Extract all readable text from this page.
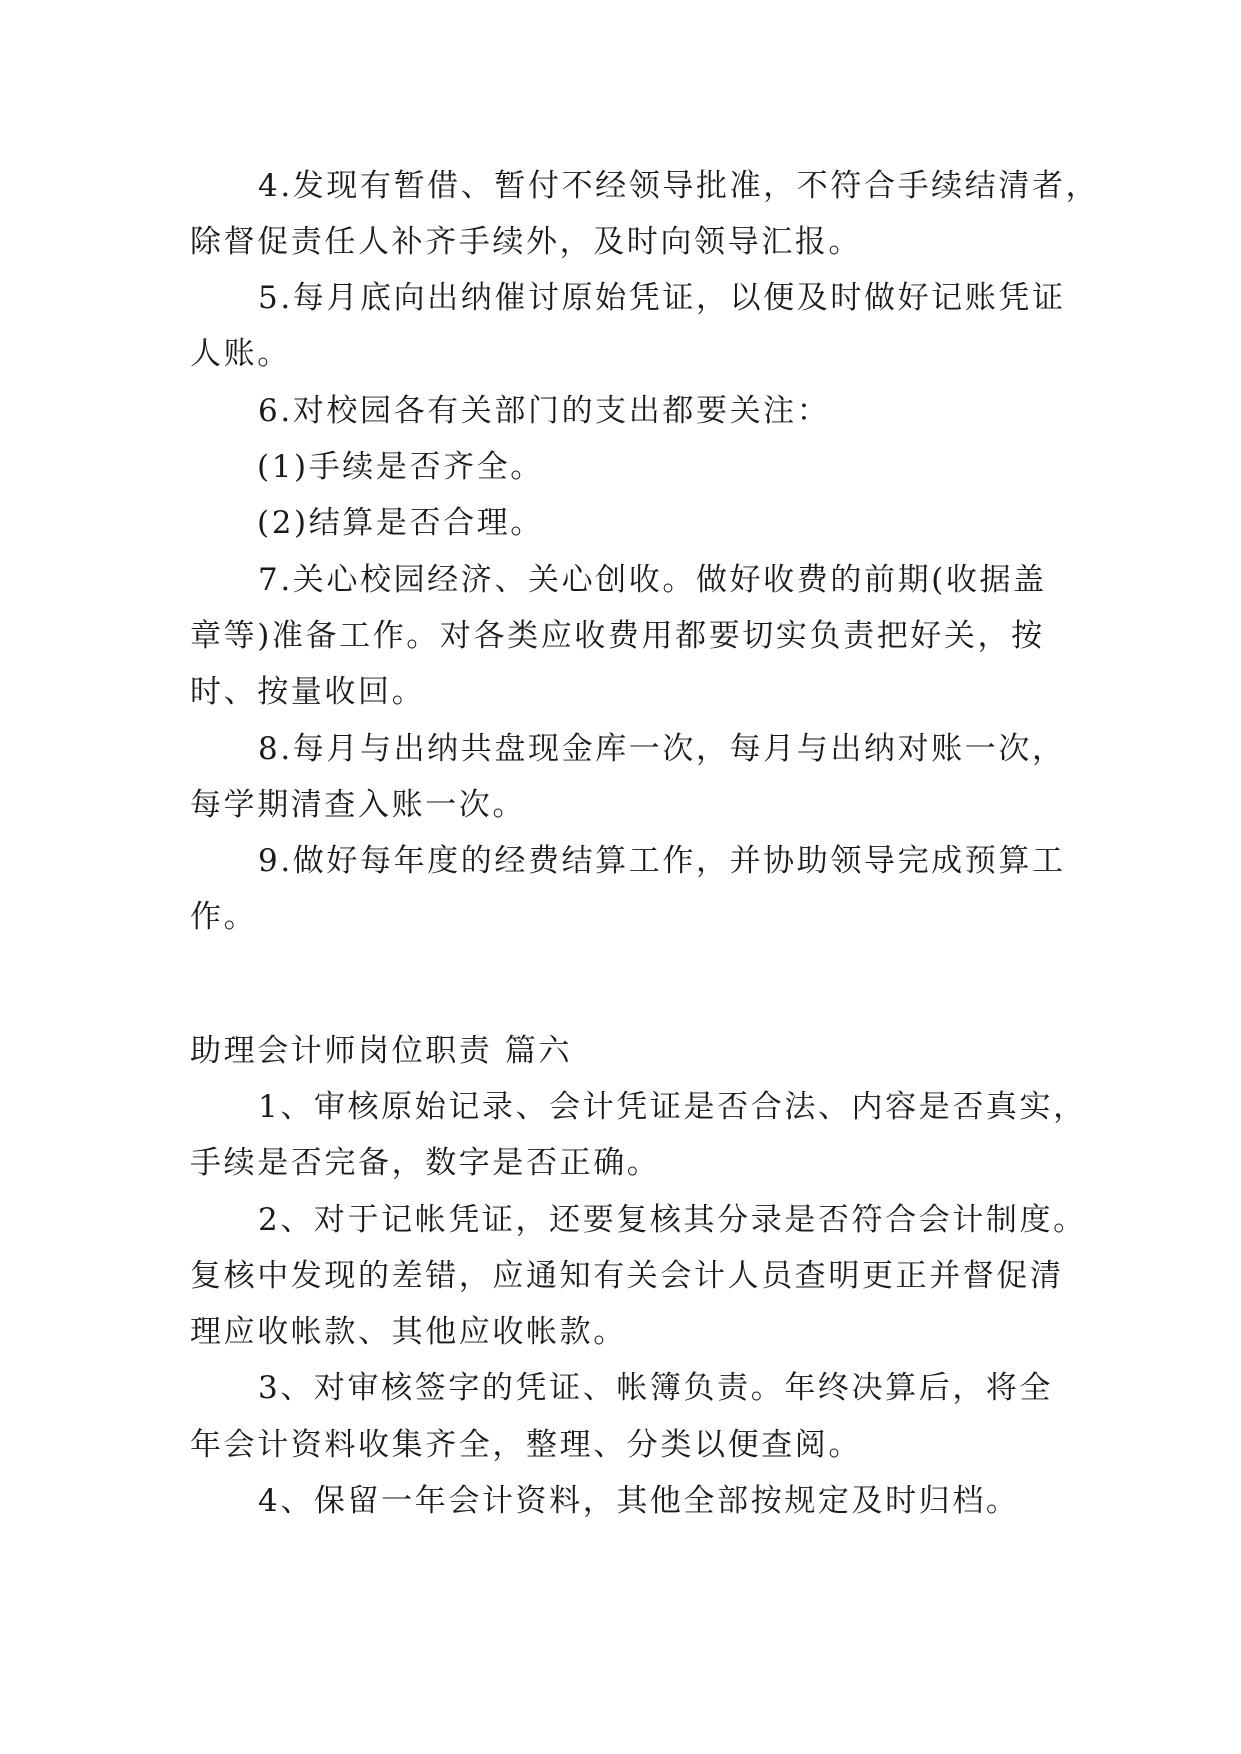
4.发现有暂借、暂付不经领导批准，不符合手续结清者，
除督促责任人补齐手续外，及时向领导汇报。
5.每月底向出纳催讨原始凭证，以便及时做好记账凭证
人账。
6.对校园各有关部门的支出都要关注：
(1)手续是否齐全。
(2)结算是否合理。
7.关心校园经济、关心创收。做好收费的前期(收据盖
章等)准备工作。对各类应收费用都要切实负责把好关，按
时、按量收回。
8.每月与出纳共盘现金库一次，每月与出纳对账一次，
每学期清查入账一次。
9.做好每年度的经费结算工作，并协助领导完成预算工
作。
助理会计师岗位职责 篇六
1、审核原始记录、会计凭证是否合法、内容是否真实，
手续是否完备，数字是否正确。
2、对于记帐凭证，还要复核其分录是否符合会计制度。
复核中发现的差错，应通知有关会计人员查明更正并督促清
理应收帐款、其他应收帐款。
3、对审核签字的凭证、帐簿负责。年终决算后，将全
年会计资料收集齐全，整理、分类以便查阅。
4、保留一年会计资料，其他全部按规定及时归档。
